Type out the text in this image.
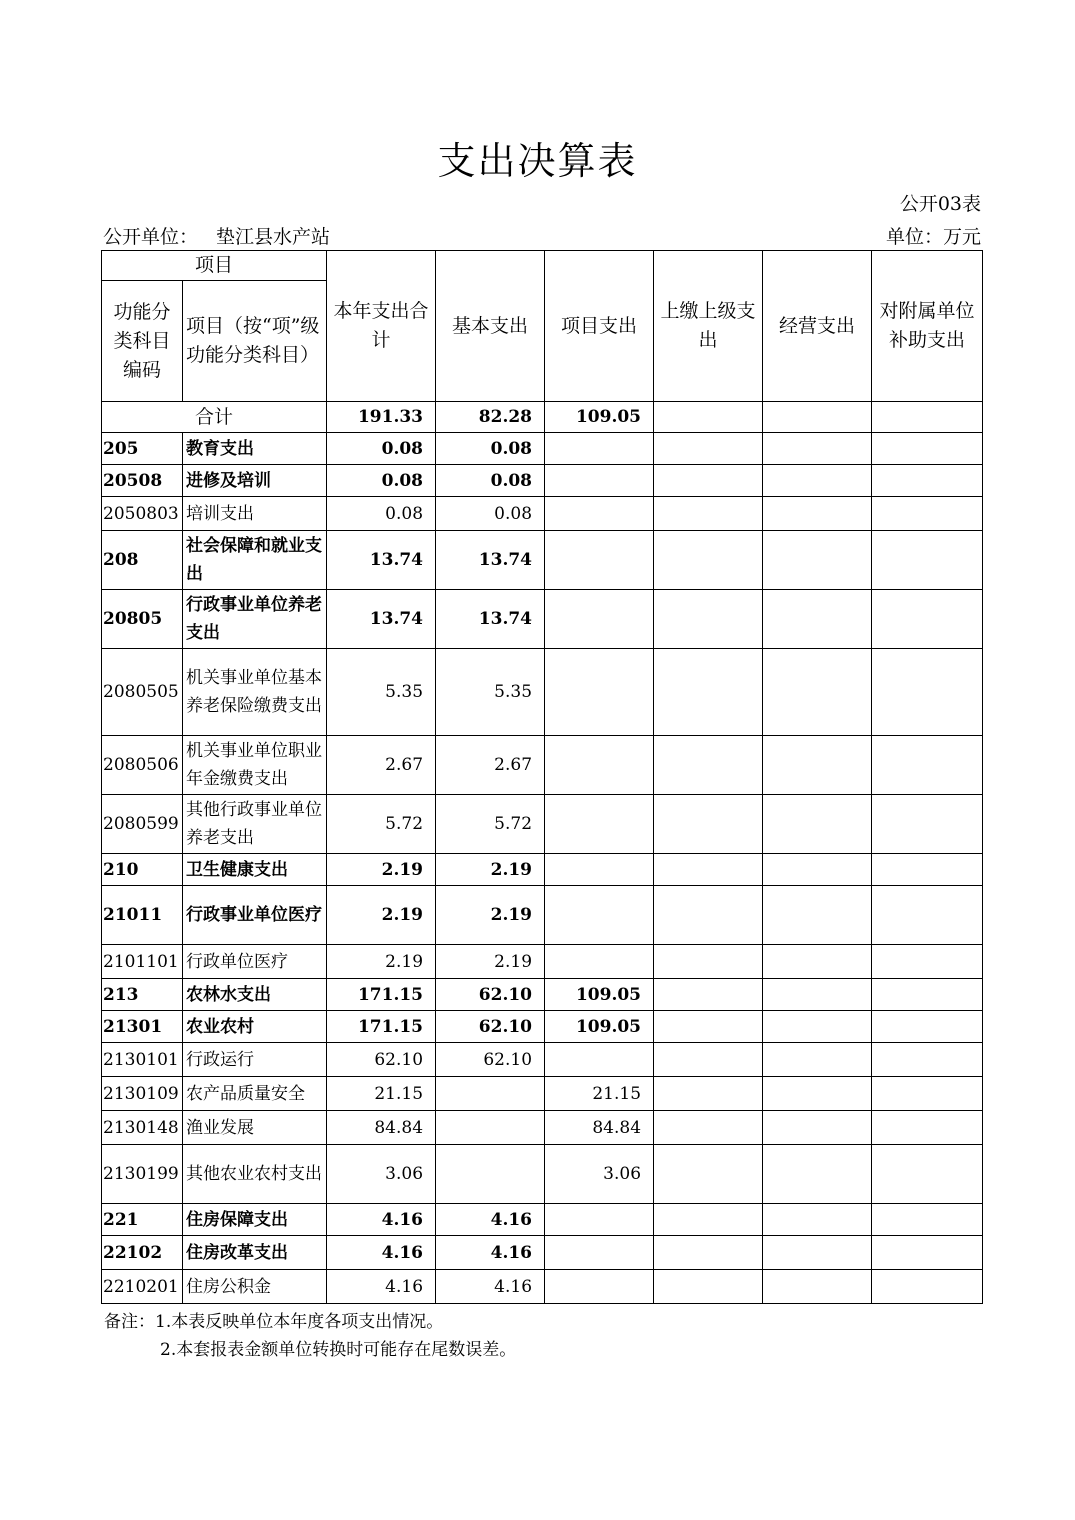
支出决算表
公开03表
公开单位： 垫江县水产站	单位：万元
项目		本年支出合计	基本支出	项目支出	上缴上级支出	经营支出	对附属单位补助支出
功能分类科目编码	项目（按“项”级功能分类科目）						
合计		191.33	82.28	109.05			
205	教育支出	0.08	0.08				
20508	进修及培训	0.08	0.08				
2050803	培训支出	0.08	0.08				
208	社会保障和就业支出	13.74	13.74				
20805	行政事业单位养老支出	13.74	13.74				
2080505	机关事业单位基本养老保险缴费支出	5.35	5.35				
2080506	机关事业单位职业年金缴费支出	2.67	2.67				
2080599	其他行政事业单位养老支出	5.72	5.72				
210	卫生健康支出	2.19	2.19				
21011	行政事业单位医疗	2.19	2.19				
2101101	行政单位医疗	2.19	2.19				
213	农林水支出	171.15	62.10	109.05			
21301	农业农村	171.15	62.10	109.05			
2130101	行政运行	62.10	62.10				
2130109	农产品质量安全	21.15		21.15			
2130148	渔业发展	84.84		84.84			
2130199	其他农业农村支出	3.06		3.06			
221	住房保障支出	4.16	4.16				
22102	住房改革支出	4.16	4.16				
2210201	住房公积金	4.16	4.16				
备注：1.本表反映单位本年度各项支出情况。
2.本套报表金额单位转换时可能存在尾数误差。
